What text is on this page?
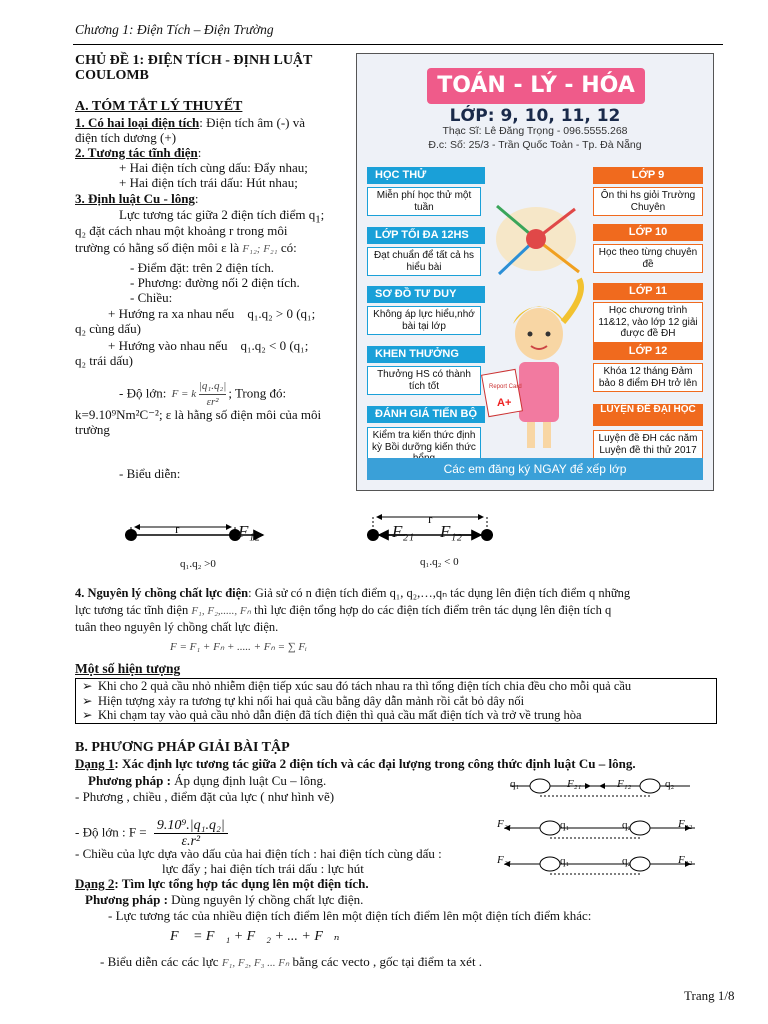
Chương 1: Điện Tích – Điện Trường
CHỦ ĐỀ 1: ĐIỆN TÍCH - ĐỊNH LUẬT
COULOMB
A. TÓM TẮT LÝ THUYẾT
1. Có hai loại điện tích: Điện tích âm (-) và
điện tích dương (+)
2. Tương tác tĩnh điện:
+ Hai điện tích cùng dấu: Đẩy nhau;
+ Hai điện tích trái dấu: Hút nhau;
3. Định luật Cu - lông:
Lực tương tác giữa 2 điện tích điểm $q_1$;
q₂ đặt cách nhau một khoảng r trong môi
trường có hằng số điện môi ε là F₁₂; F₂₁ có:
- Điểm đặt: trên 2 điện tích.
- Phương: đường nối 2 điện tích.
- Chiều:
+ Hướng ra xa nhau nếu q₁.q₂ > 0 (q₁;
q₂ cùng dấu)
+ Hướng vào nhau nếu q₁.q₂ < 0 (q₁;
q₂ trái dấu)
- Độ lớn: F = k $\frac{\text{|q₁.q₂|}}{\text{εr²}}$ ; Trong đó:
k=9.10⁹Nm²C⁻²; ε là hằng số điện môi của môi
trường
- Biểu diễn:
TOÁN - LÝ - HÓA
LỚP: 9, 10, 11, 12
Thạc Sĩ: Lê Đăng Trọng - 096.5555.268
Đ.c: Số: 25/3 - Trần Quốc Toản - Tp. Đà Nẵng
HỌC THỬ
Miễn phí học thử một tuần
LỚP TỐI ĐA 12HS
Đạt chuẩn để tất cả hs hiểu bài
SƠ ĐỒ TƯ DUY
Không áp lực hiểu,nhớ bài tại lớp
KHEN THƯỞNG
Thưởng HS có thành tích tốt
ĐÁNH GIÁ TIẾN BỘ
Kiểm tra kiến thức định kỳ Bồi dưỡng kiến thức
LỚP 9
Ôn thi hs giỏi Trường Chuyên
LỚP 10
Học theo từng chuyên đề
LỚP 11
Học chương trình 11&12, vào lớp 12 giải được đề ĐH
LỚP 12
Khóa 12 tháng Đảm bảo 8 điểm ĐH trở lên
LUYỆN ĐỀ ĐẠI HỌC
Luyện đề ĐH các năm Luyện đề thi thử 2017
Report Card
A+
Các em đăng ký NGAY để xếp lớp
r	F₁₂
r
F₂₁ F₁₂
q₁.q₂ >0	q₁.q₂ < 0
4. Nguyên lý chồng chất lực điện: Giả sử có n điện tích điểm q₁, q₂,…,qₙ tác dụng lên điện tích điểm q những
lực tương tác tĩnh điện F₁, F₂,....., Fₙ thì lực điện tổng hợp do các điện tích điểm trên tác dụng lên điện tích q
tuân theo nguyên lý chồng chất lực điện.
F = F₁ + Fₙ + ..... + Fₙ = ∑ Fᵢ
Một số hiện tượng
➢ Khi cho 2 quả cầu nhỏ nhiễm điện tiếp xúc sau đó tách nhau ra thì tổng điện tích chia đều cho mỗi quả cầu
➢ Hiện tượng xảy ra tương tự khi nối hai quả cầu bằng dây dẫn mảnh rồi cắt bỏ dây nối
➢ Khi chạm tay vào quả cầu nhỏ dẫn điện đã tích điện thì quả cầu mất điện tích và trở về trung hòa
B. PHƯƠNG PHÁP GIẢI BÀI TẬP
Dạng 1: Xác định lực tương tác giữa 2 điện tích và các đại lượng trong công thức định luật Cu – lông.
Phương pháp : Áp dụng định luật Cu – lông.
- Phương , chiều , điểm đặt của lực ( như hình vẽ)
- Độ lớn : $F = \frac{\text{9.10⁹.|q₁.q₂|}}{\text{ε.r²}}$
- Chiều của lực dựa vào dấu của hai điện tích : hai điện tích cùng dấu :
lực đẩy ; hai điện tích trái dấu : lực hút
q₁	q₂
F₂₁	F₁₂
F₂₁	q₁	q₂	F₁₂
F₂₁	q₁	q₂	F₁₂
Dạng 2: Tìm lực tổng hợp tác dụng lên một điện tích.
Phương pháp : Dùng nguyên lý chồng chất lực điện.
- Lực tương tác của nhiều điện tích điểm lên một điện tích điểm lên một điện tích điểm khác:
F⃗ = F⃗₁ + F⃗₂ + ... + F⃗ₙ
- Biểu diễn các các lực F₁, F₂, F₃ ... Fₙ bằng các vecto , gốc tại điểm ta xét .
Trang 1/8
